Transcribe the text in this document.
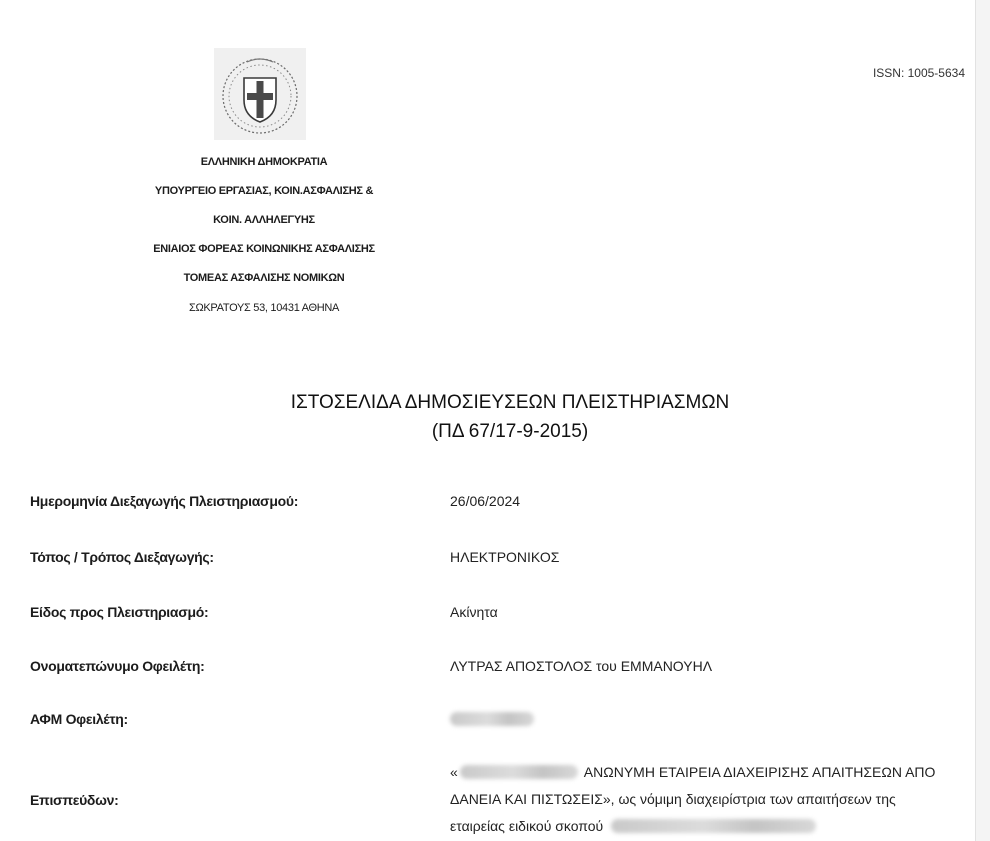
ISSN: 1005-5634
ΕΛΛΗΝΙΚΗ ΔΗΜΟΚΡΑΤΙΑ
ΥΠΟΥΡΓΕΙΟ ΕΡΓΑΣΙΑΣ, ΚΟΙΝ.ΑΣΦΑΛΙΣΗΣ &
ΚΟΙΝ. ΑΛΛΗΛΕΓΥΗΣ
ΕΝΙΑΙΟΣ ΦΟΡΕΑΣ ΚΟΙΝΩΝΙΚΗΣ ΑΣΦΑΛΙΣΗΣ
ΤΟΜΕΑΣ ΑΣΦΑΛΙΣΗΣ ΝΟΜΙΚΩΝ
ΣΩΚΡΑΤΟΥΣ 53, 10431 ΑΘΗΝΑ
ΙΣΤΟΣΕΛΙΔΑ ΔΗΜΟΣΙΕΥΣΕΩΝ ΠΛΕΙΣΤΗΡΙΑΣΜΩΝ
(ΠΔ 67/17-9-2015)
Ημερομηνία Διεξαγωγής Πλειστηριασμού:	26/06/2024
Τόπος / Τρόπος Διεξαγωγής:	ΗΛΕΚΤΡΟΝΙΚΟΣ
Είδος προς Πλειστηριασμό:	Ακίνητα
Ονοματεπώνυμο Οφειλέτη:	ΛΥΤΡΑΣ ΑΠΟΣΤΟΛΟΣ του ΕΜΜΑΝΟΥΗΛ
ΑΦΜ Οφειλέτη:
Επισπεύδων:
«	ΑΝΩΝΥΜΗ ΕΤΑΙΡΕΙΑ ΔΙΑΧΕΙΡΙΣΗΣ ΑΠΑΙΤΗΣΕΩΝ ΑΠΟ
ΔΑΝΕΙΑ ΚΑΙ ΠΙΣΤΩΣΕΙΣ», ως νόμιμη διαχειρίστρια των απαιτήσεων της
εταιρείας ειδικού σκοπού
